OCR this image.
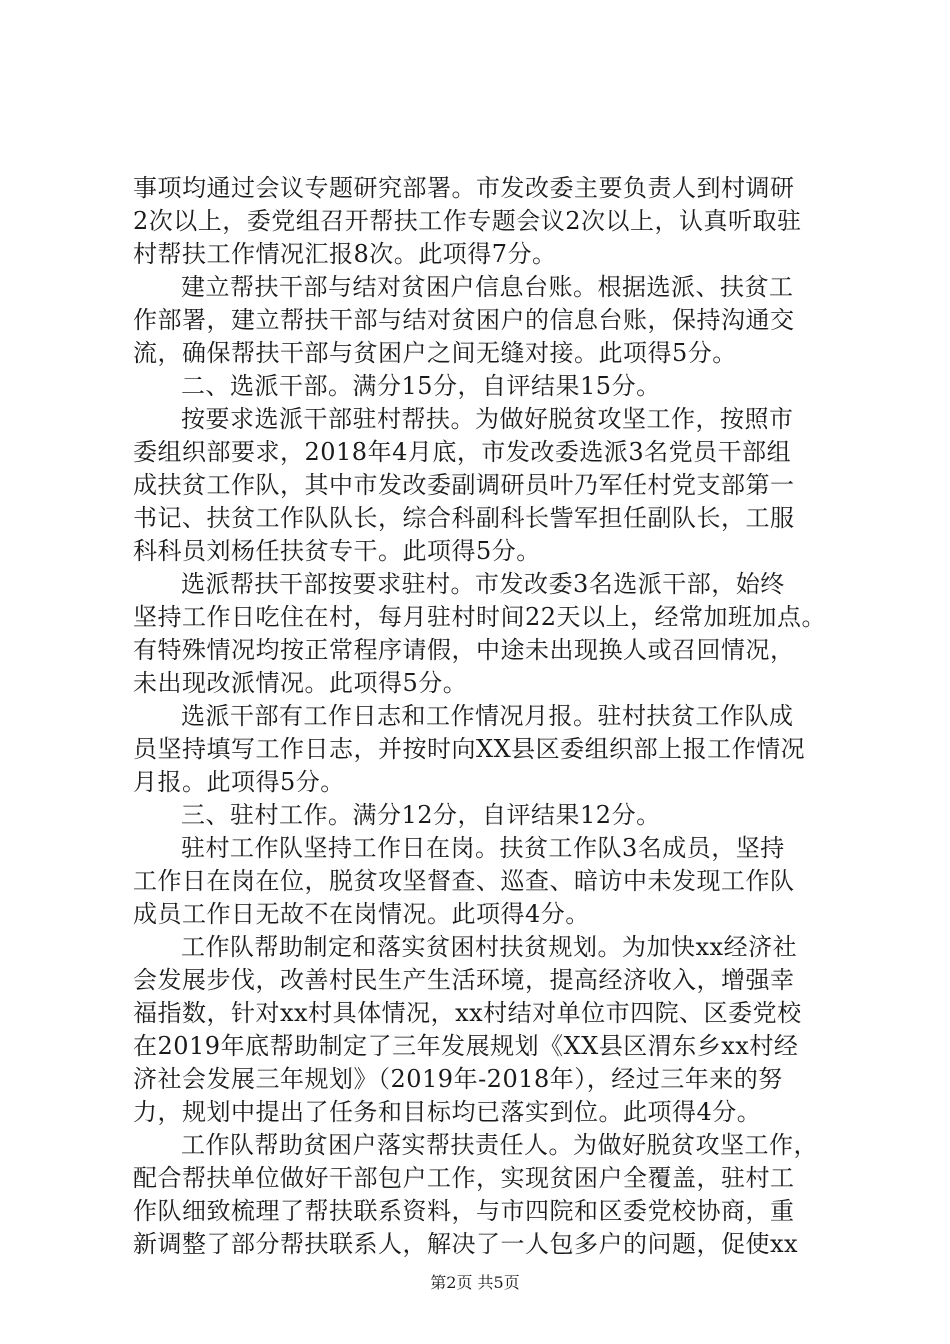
事项均通过会议专题研究部署。市发改委主要负责人到村调研
2次以上，委党组召开帮扶工作专题会议2次以上，认真听取驻
村帮扶工作情况汇报8次。此项得7分。
建立帮扶干部与结对贫困户信息台账。根据选派、扶贫工
作部署，建立帮扶干部与结对贫困户的信息台账，保持沟通交
流，确保帮扶干部与贫困户之间无缝对接。此项得5分。
二、选派干部。满分15分，自评结果15分。
按要求选派干部驻村帮扶。为做好脱贫攻坚工作，按照市
委组织部要求，2018年4月底，市发改委选派3名党员干部组
成扶贫工作队，其中市发改委副调研员叶乃军任村党支部第一
书记、扶贫工作队队长，综合科副科长訾军担任副队长，工服
科科员刘杨任扶贫专干。此项得5分。
选派帮扶干部按要求驻村。市发改委3名选派干部，始终
坚持工作日吃住在村，每月驻村时间22天以上，经常加班加点。
有特殊情况均按正常程序请假，中途未出现换人或召回情况，
未出现改派情况。此项得5分。
选派干部有工作日志和工作情况月报。驻村扶贫工作队成
员坚持填写工作日志，并按时向XX县区委组织部上报工作情况
月报。此项得5分。
三、驻村工作。满分12分，自评结果12分。
驻村工作队坚持工作日在岗。扶贫工作队3名成员，坚持
工作日在岗在位，脱贫攻坚督查、巡查、暗访中未发现工作队
成员工作日无故不在岗情况。此项得4分。
工作队帮助制定和落实贫困村扶贫规划。为加快xx经济社
会发展步伐，改善村民生产生活环境，提高经济收入，增强幸
福指数，针对xx村具体情况，xx村结对单位市四院、区委党校
在2019年底帮助制定了三年发展规划《XX县区渭东乡xx村经
济社会发展三年规划》（2019年-2018年），经过三年来的努
力，规划中提出了任务和目标均已落实到位。此项得4分。
工作队帮助贫困户落实帮扶责任人。为做好脱贫攻坚工作，
配合帮扶单位做好干部包户工作，实现贫困户全覆盖，驻村工
作队细致梳理了帮扶联系资料，与市四院和区委党校协商，重
新调整了部分帮扶联系人，解决了一人包多户的问题，促使xx
第2页 共5页
